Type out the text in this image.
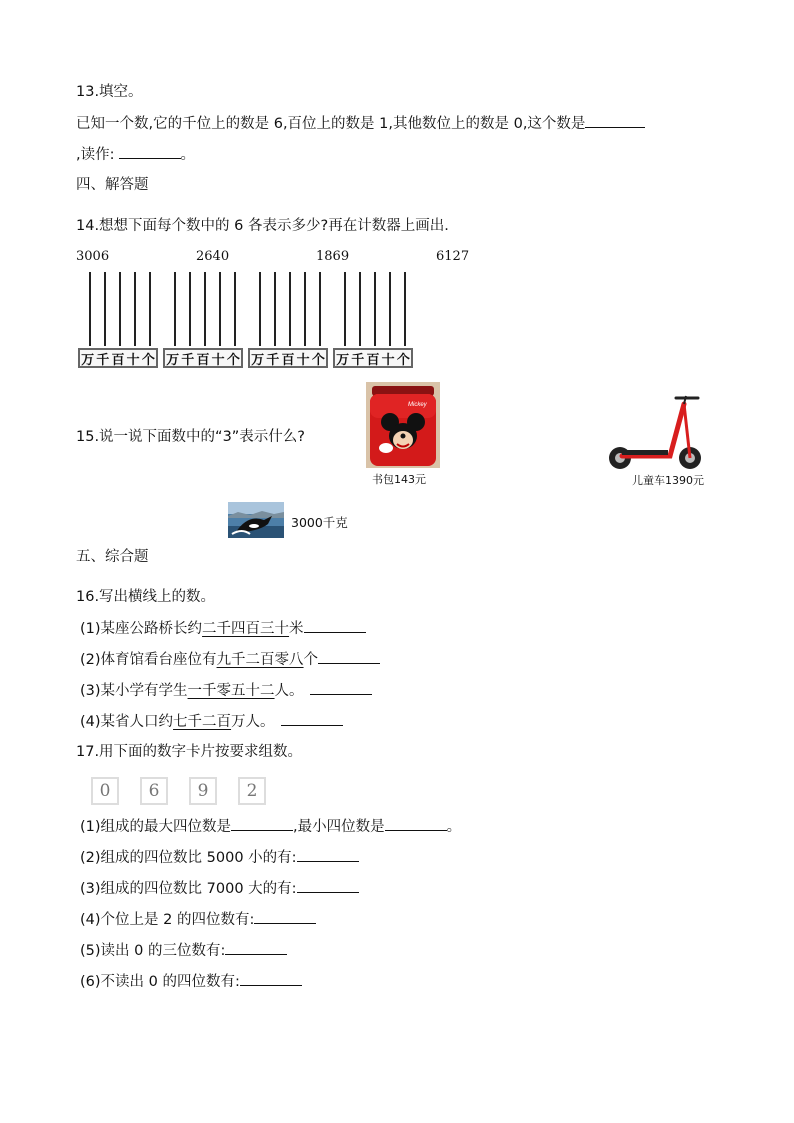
13.填空。
已知一个数,它的千位上的数是 6,百位上的数是 1,其他数位上的数是 0,这个数是
,读作:	。
四、解答题
14.想想下面每个数中的 6 各表示多少?再在计数器上画出.
3006	2640	1869	6127
万 千 百 十 个 万 千 百 十 个 万 千 百 十 个 万 千 百 十 个
15.说一说下面数中的“3”表示什么?
Mickey
书包143元	儿童车1390元
3000千克
五、综合题
16.写出横线上的数。
(1)某座公路桥长约二千四百三十米
(2)体育馆看台座位有九千二百零八个
(3)某小学有学生一千零五十二人。
(4)某省人口约七千二百万人。
17.用下面的数字卡片按要求组数。
0	6	9	2
(1)组成的最大四位数是	,最小四位数是	。
(2)组成的四位数比 5000 小的有:
(3)组成的四位数比 7000 大的有:
(4)个位上是 2 的四位数有:
(5)读出 0 的三位数有:
(6)不读出 0 的四位数有:
